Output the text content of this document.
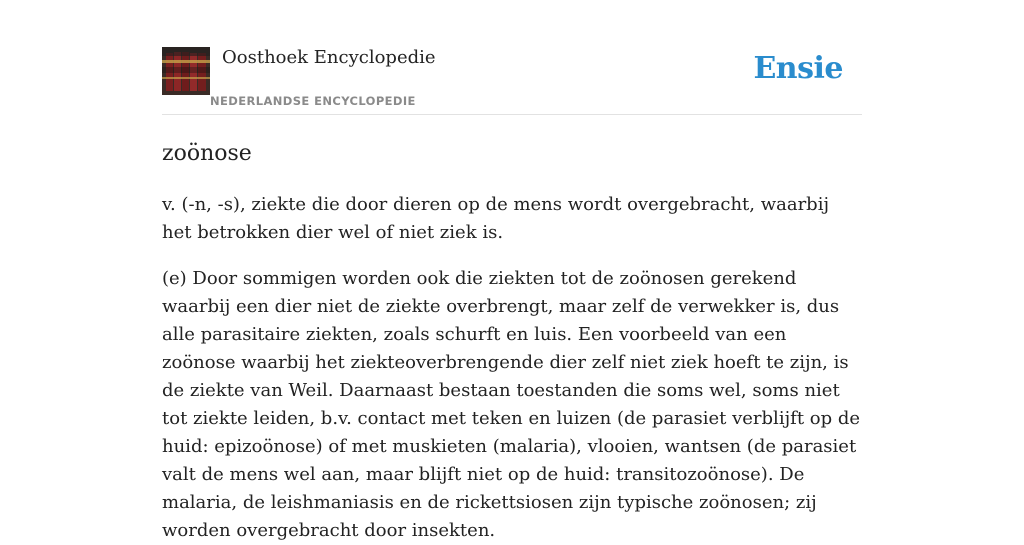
Oosthoek Encyclopedie
NEDERLANDSE ENCYCLOPEDIE
Ensie
zoönose

v. (-n, -s), ziekte die door dieren op de mens wordt overgebracht, waarbij het betrokken dier wel of niet ziek is.

(e) Door sommigen worden ook die ziekten tot de zoönosen gerekend waarbij een dier niet de ziekte overbrengt, maar zelf de verwekker is, dus alle parasitaire ziekten, zoals schurft en luis. Een voorbeeld van een zoönose waarbij het ziekteoverbrengende dier zelf niet ziek hoeft te zijn, is de ziekte van Weil. Daarnaast bestaan toestanden die soms wel, soms niet tot ziekte leiden, b.v. contact met teken en luizen (de parasiet verblijft op de huid: epizoönose) of met muskieten (malaria), vlooien, wantsen (de parasiet valt de mens wel aan, maar blijft niet op de huid: transitozoönose). De malaria, de leishmaniasis en de rickettsiosen zijn typische zoönosen; zij worden overgebracht door insekten.
